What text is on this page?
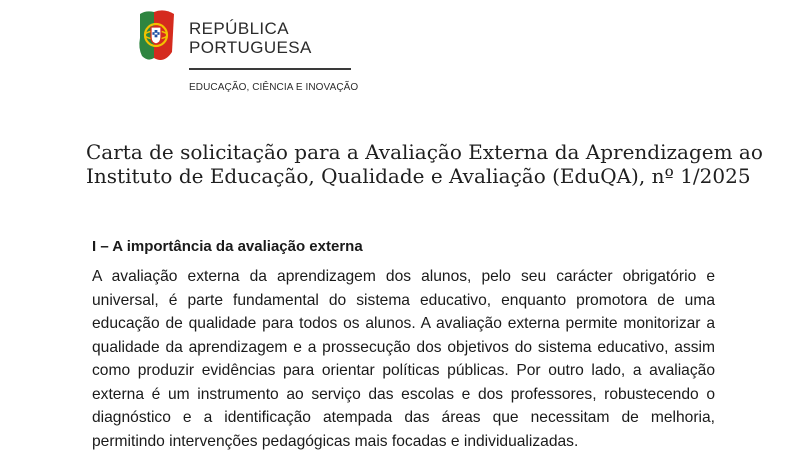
REPÚBLICA
PORTUGUESA
EDUCAÇÃO, CIÊNCIA E INOVAÇÃO
Carta de solicitação para a Avaliação Externa da Aprendizagem ao
Instituto de Educação, Qualidade e Avaliação (EduQA), nº 1/2025
I – A importância da avaliação externa
A avaliação externa da aprendizagem dos alunos, pelo seu carácter obrigatório e
universal, é parte fundamental do sistema educativo, enquanto promotora de uma
educação de qualidade para todos os alunos. A avaliação externa permite monitorizar a
qualidade da aprendizagem e a prossecução dos objetivos do sistema educativo, assim
como produzir evidências para orientar políticas públicas. Por outro lado, a avaliação
externa é um instrumento ao serviço das escolas e dos professores, robustecendo o
diagnóstico e a identificação atempada das áreas que necessitam de melhoria,
permitindo intervenções pedagógicas mais focadas e individualizadas.
